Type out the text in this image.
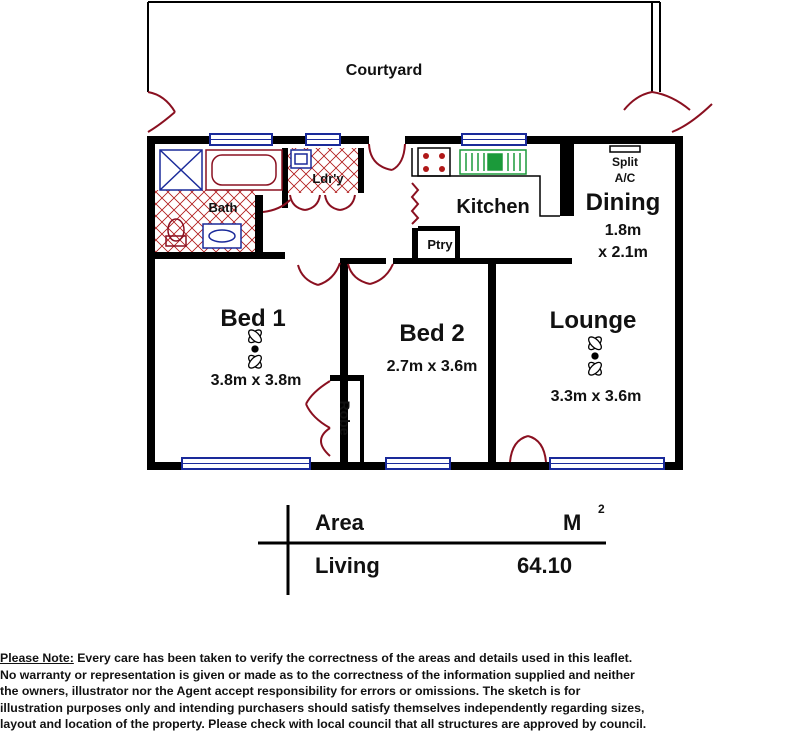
Courtyard
Bath
Ldr'y
Kitchen
Ptry
Split
A/C
Dining
1.8m
x 2.1m
Bed 1
3.8m x 3.8m
Robe
Bed 2
2.7m x 3.6m
Lounge
3.3m x 3.6m
Area	M
2
Living	64.10
Please Note: Every care has been taken to verify the correctness of the areas and details used in this leaflet.
No warranty or representation is given or made as to the correctness of the information supplied and neither
the owners, illustrator nor the Agent accept responsibility for errors or omissions. The sketch is for
illustration purposes only and intending purchasers should satisfy themselves independently regarding sizes,
layout and location of the property. Please check with local council that all structures are approved by council.
